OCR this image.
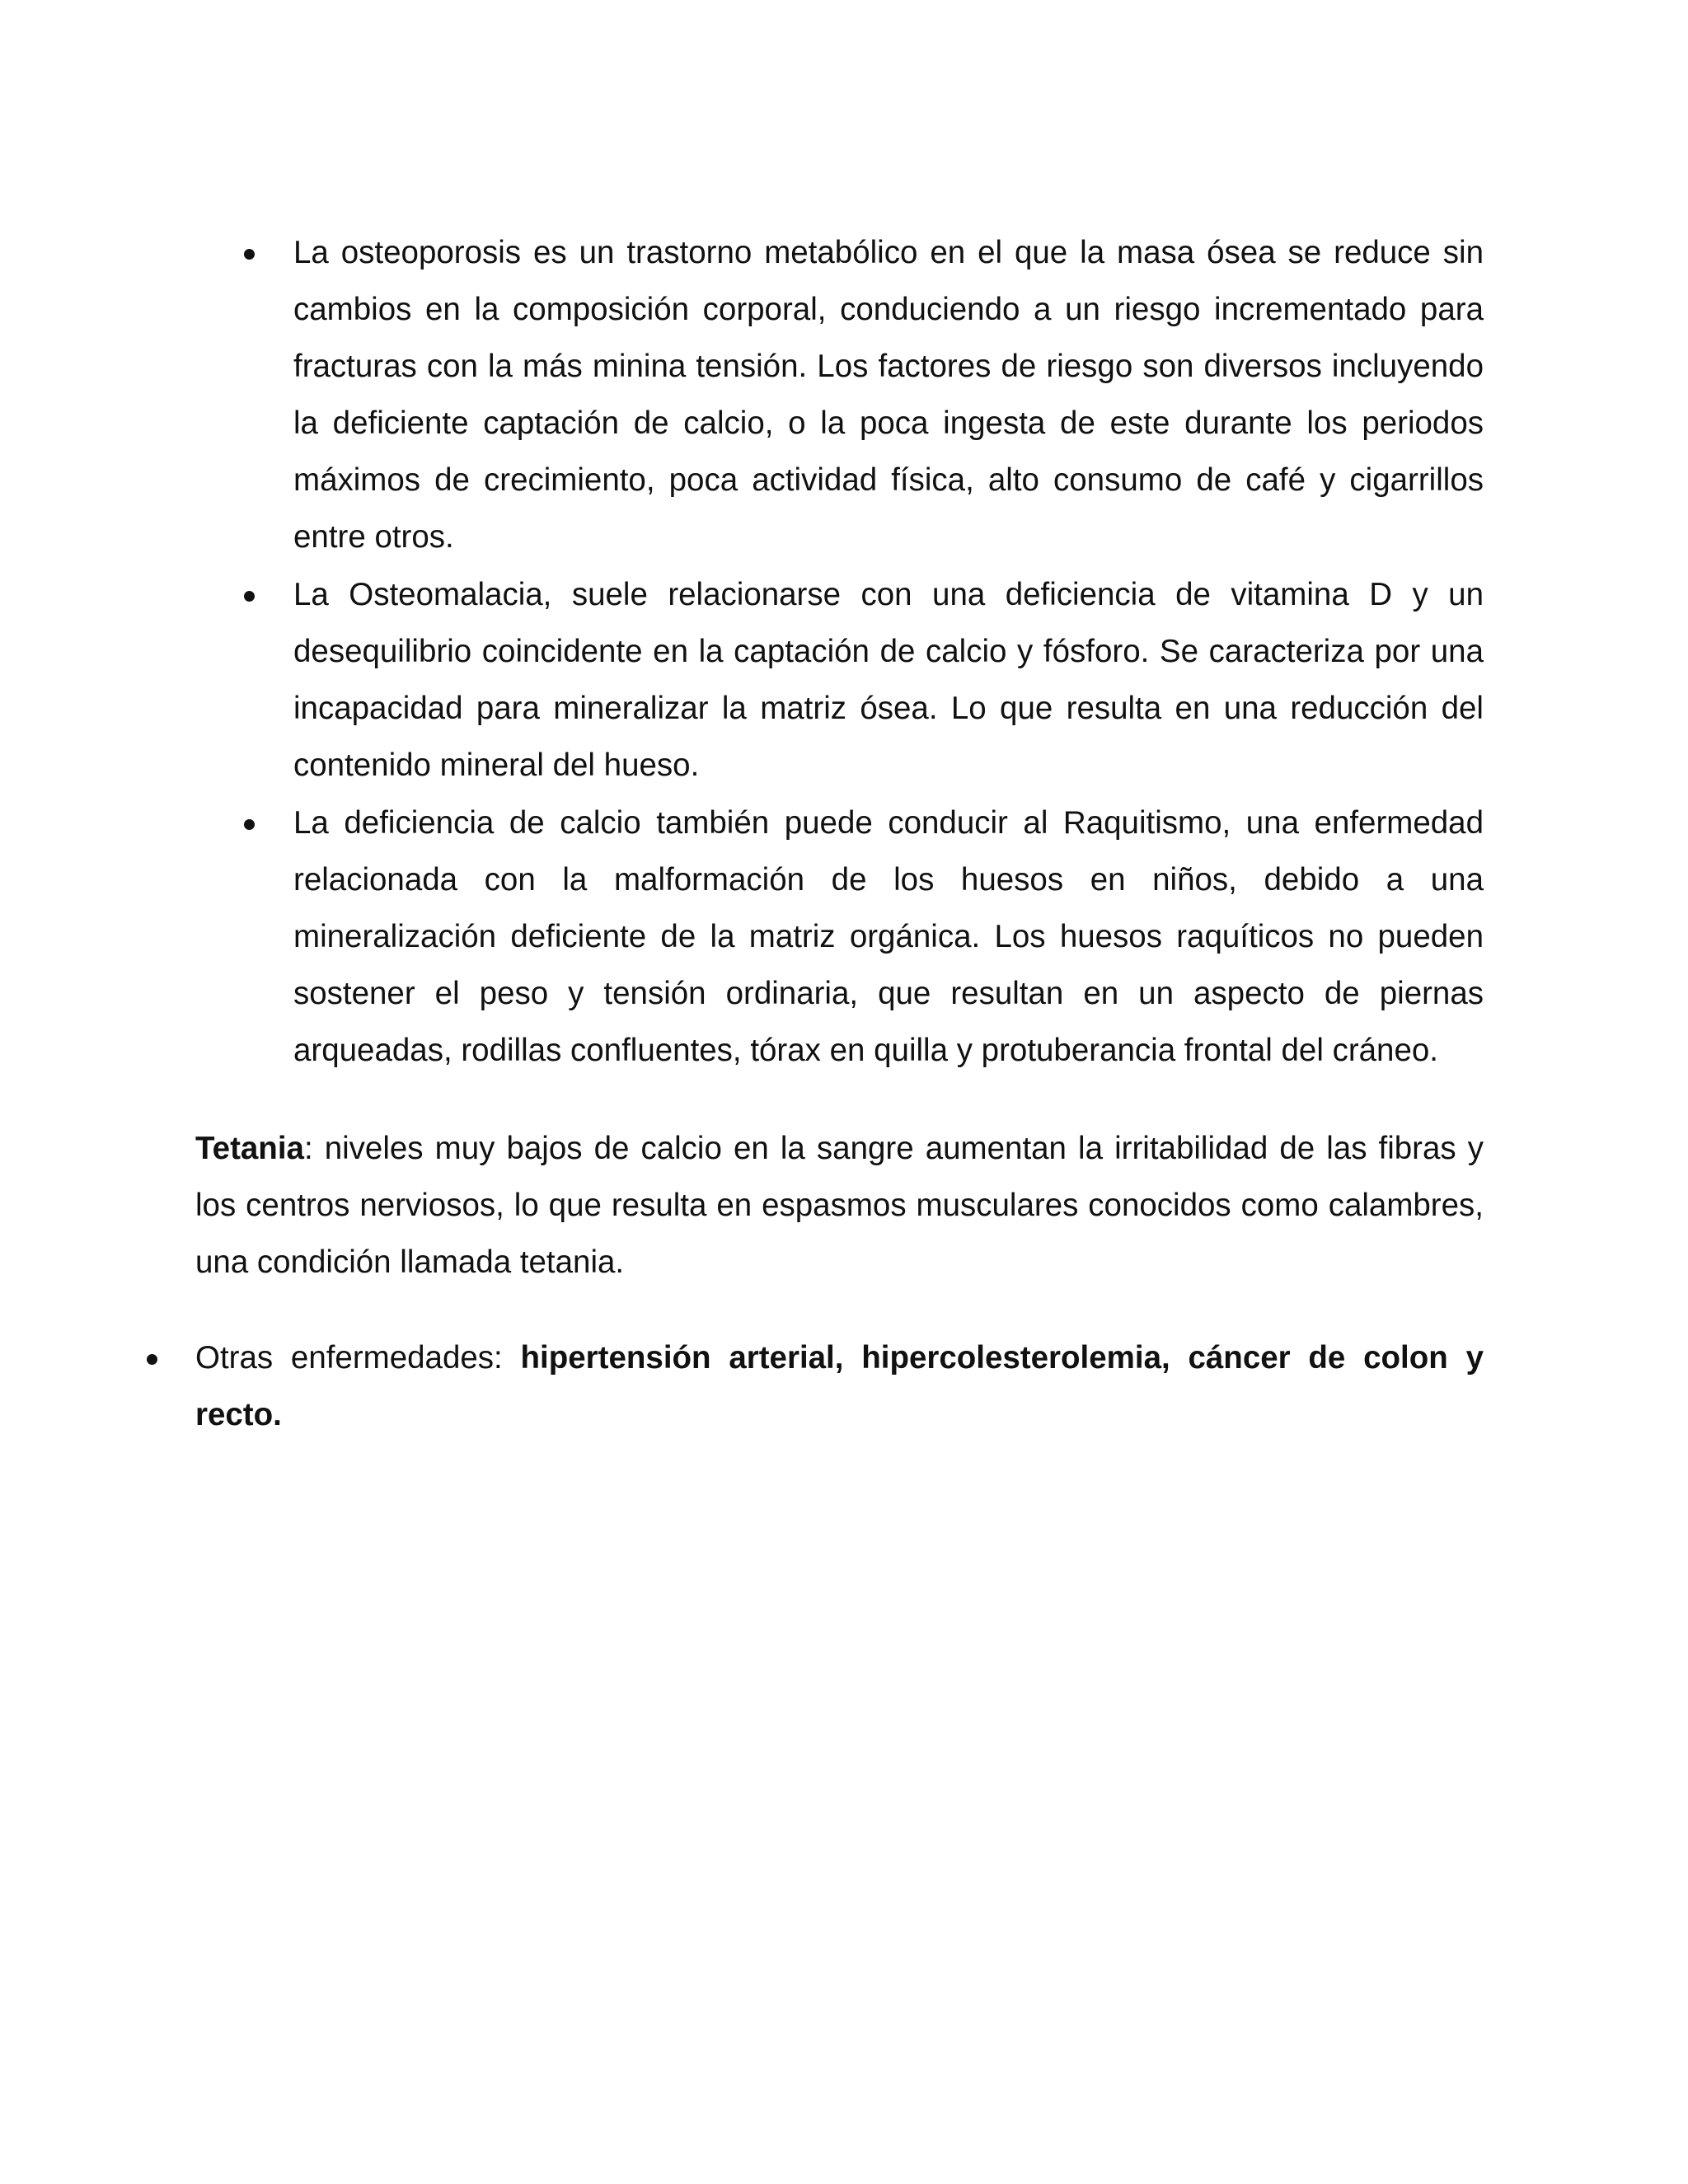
La osteoporosis es un trastorno metabólico en el que la masa ósea se reduce sin cambios en la composición corporal, conduciendo a un riesgo incrementado para fracturas con la más minina tensión. Los factores de riesgo son diversos incluyendo la deficiente captación de calcio, o la poca ingesta de este durante los periodos máximos de crecimiento, poca actividad física, alto consumo de café y cigarrillos entre otros.

La Osteomalacia, suele relacionarse con una deficiencia de vitamina D y un desequilibrio coincidente en la captación de calcio y fósforo. Se caracteriza por una incapacidad para mineralizar la matriz ósea. Lo que resulta en una reducción del contenido mineral del hueso.

La deficiencia de calcio también puede conducir al Raquitismo, una enfermedad relacionada con la malformación de los huesos en niños, debido a una mineralización deficiente de la matriz orgánica. Los huesos raquíticos no pueden sostener el peso y tensión ordinaria, que resultan en un aspecto de piernas arqueadas, rodillas confluentes, tórax en quilla y protuberancia frontal del cráneo.

Tetania: niveles muy bajos de calcio en la sangre aumentan la irritabilidad de las fibras y los centros nerviosos, lo que resulta en espasmos musculares conocidos como calambres, una condición llamada tetania.

Otras enfermedades: hipertensión arterial, hipercolesterolemia, cáncer de colon y recto.
